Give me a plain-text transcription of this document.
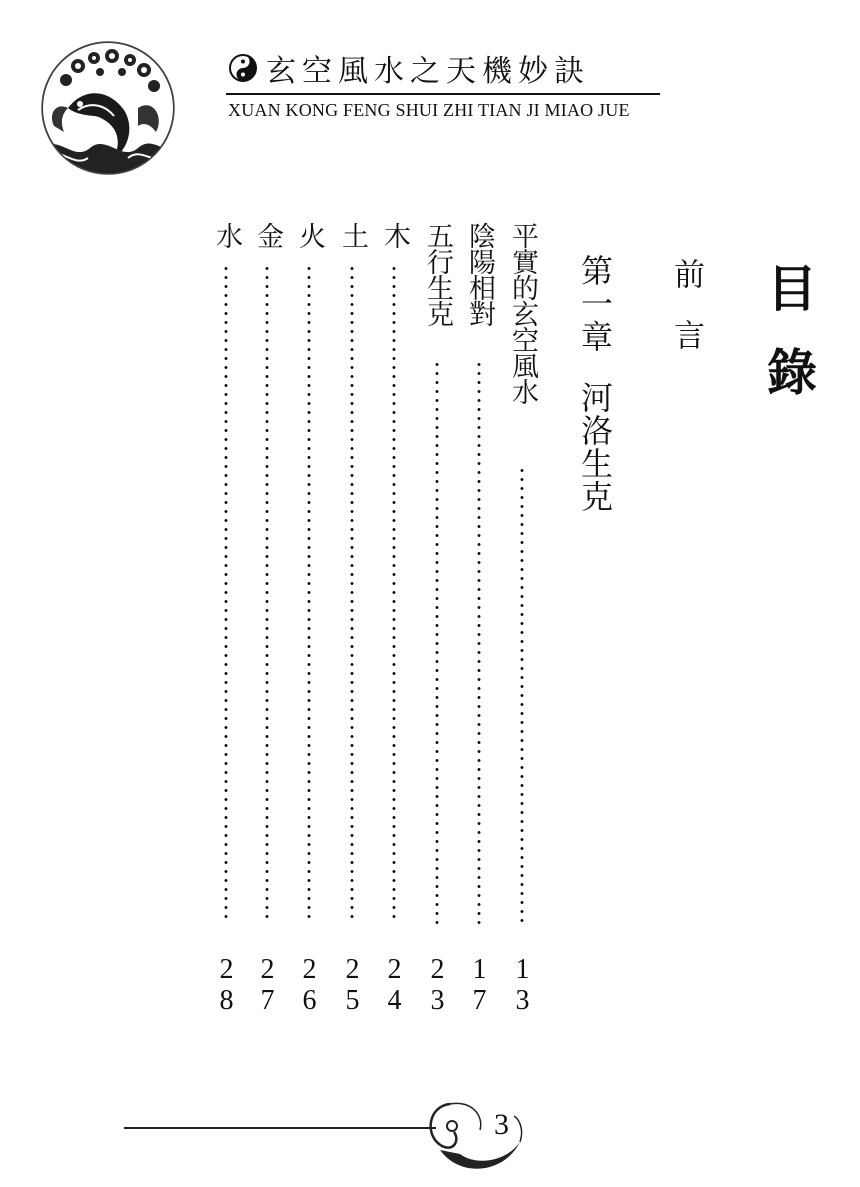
玄空風水之天機妙訣
XUAN KONG FENG SHUI ZHI TIAN JI MIAO JUE
目錄
前言
第一章河洛生克
平實的玄空風水
13
陰陽相對
17
五行生克
23
木
24
土
25
火
26
金
27
水
28
3
